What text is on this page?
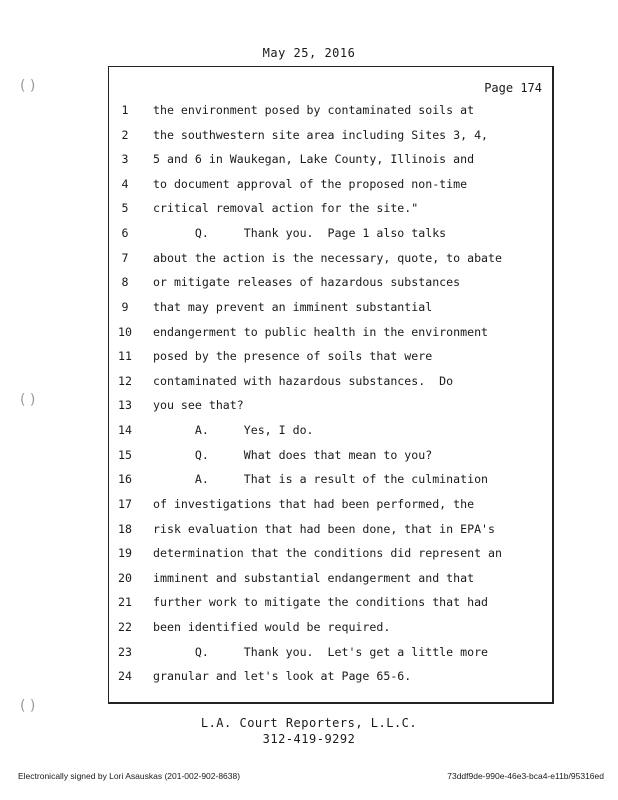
( )
( )
( )
May 25, 2016
Page 174
1	the environment posed by contaminated soils at
2	the southwestern site area including Sites 3, 4,
3	5 and 6 in Waukegan, Lake County, Illinois and
4	to document approval of the proposed non-time
5	critical removal action for the site."
6	Q.     Thank you.  Page 1 also talks
7	about the action is the necessary, quote, to abate
8	or mitigate releases of hazardous substances
9	that may prevent an imminent substantial
10	endangerment to public health in the environment
11	posed by the presence of soils that were
12	contaminated with hazardous substances.  Do
13	you see that?
14	A.     Yes, I do.
15	Q.     What does that mean to you?
16	A.     That is a result of the culmination
17	of investigations that had been performed, the
18	risk evaluation that had been done, that in EPA's
19	determination that the conditions did represent an
20	imminent and substantial endangerment and that
21	further work to mitigate the conditions that had
22	been identified would be required.
23	Q.     Thank you.  Let's get a little more
24	granular and let's look at Page 65-6.
L.A. Court Reporters, L.L.C.
312-419-9292
Electronically signed by Lori Asauskas (201-002-902-8638)	73ddf9de-990e-46e3-bca4-e11b/95316ed
